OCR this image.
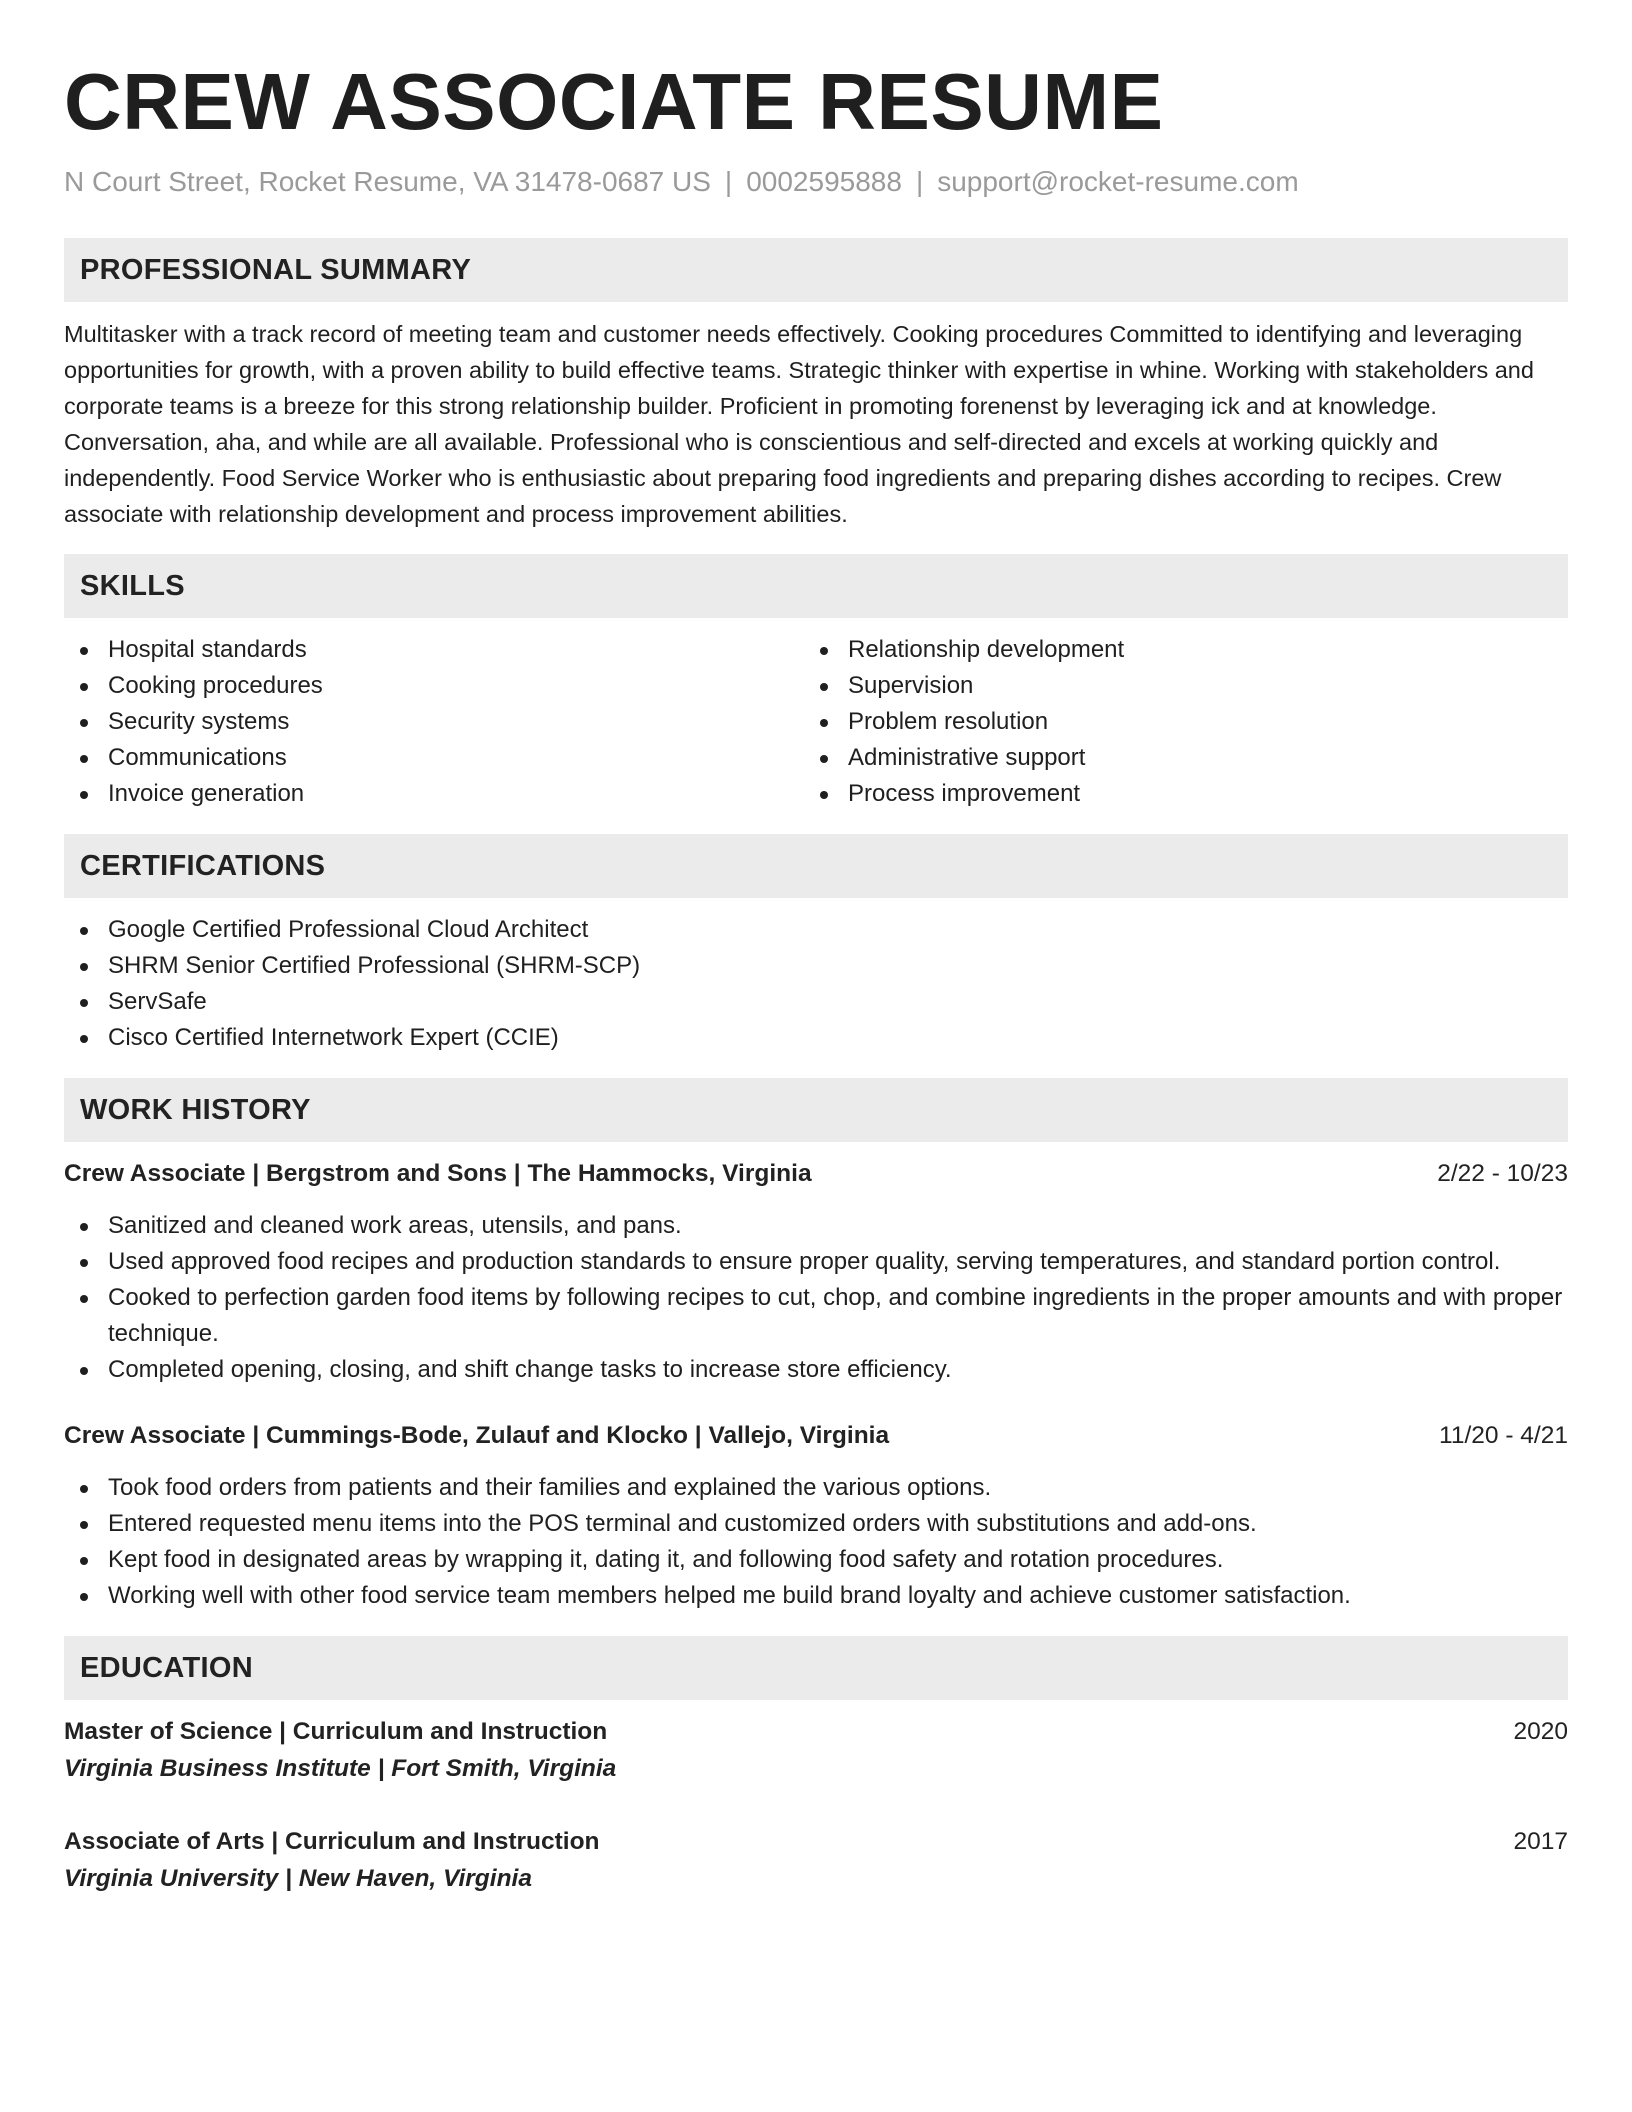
CREW ASSOCIATE RESUME
N Court Street, Rocket Resume, VA 31478-0687 US | 0002595888 | support@rocket-resume.com
PROFESSIONAL SUMMARY

Multitasker with a track record of meeting team and customer needs effectively. Cooking procedures Committed to identifying and leveraging opportunities for growth, with a proven ability to build effective teams. Strategic thinker with expertise in whine. Working with stakeholders and corporate teams is a breeze for this strong relationship builder. Proficient in promoting forenenst by leveraging ick and at knowledge. Conversation, aha, and while are all available. Professional who is conscientious and self-directed and excels at working quickly and independently. Food Service Worker who is enthusiastic about preparing food ingredients and preparing dishes according to recipes. Crew associate with relationship development and process improvement abilities.

SKILLS
Hospital standards
Cooking procedures
Security systems
Communications
Invoice generation
Relationship development
Supervision
Problem resolution
Administrative support
Process improvement
CERTIFICATIONS
Google Certified Professional Cloud Architect
SHRM Senior Certified Professional (SHRM-SCP)
ServSafe
Cisco Certified Internetwork Expert (CCIE)
WORK HISTORY
Crew Associate | Bergstrom and Sons | The Hammocks, Virginia	2/22 - 10/23
Sanitized and cleaned work areas, utensils, and pans.
Used approved food recipes and production standards to ensure proper quality, serving temperatures, and standard portion control.
Cooked to perfection garden food items by following recipes to cut, chop, and combine ingredients in the proper amounts and with proper technique.
Completed opening, closing, and shift change tasks to increase store efficiency.
Crew Associate | Cummings-Bode, Zulauf and Klocko | Vallejo, Virginia	11/20 - 4/21
Took food orders from patients and their families and explained the various options.
Entered requested menu items into the POS terminal and customized orders with substitutions and add-ons.
Kept food in designated areas by wrapping it, dating it, and following food safety and rotation procedures.
Working well with other food service team members helped me build brand loyalty and achieve customer satisfaction.
EDUCATION
Master of Science | Curriculum and Instruction	2020
Virginia Business Institute | Fort Smith, Virginia
Associate of Arts | Curriculum and Instruction	2017
Virginia University | New Haven, Virginia
